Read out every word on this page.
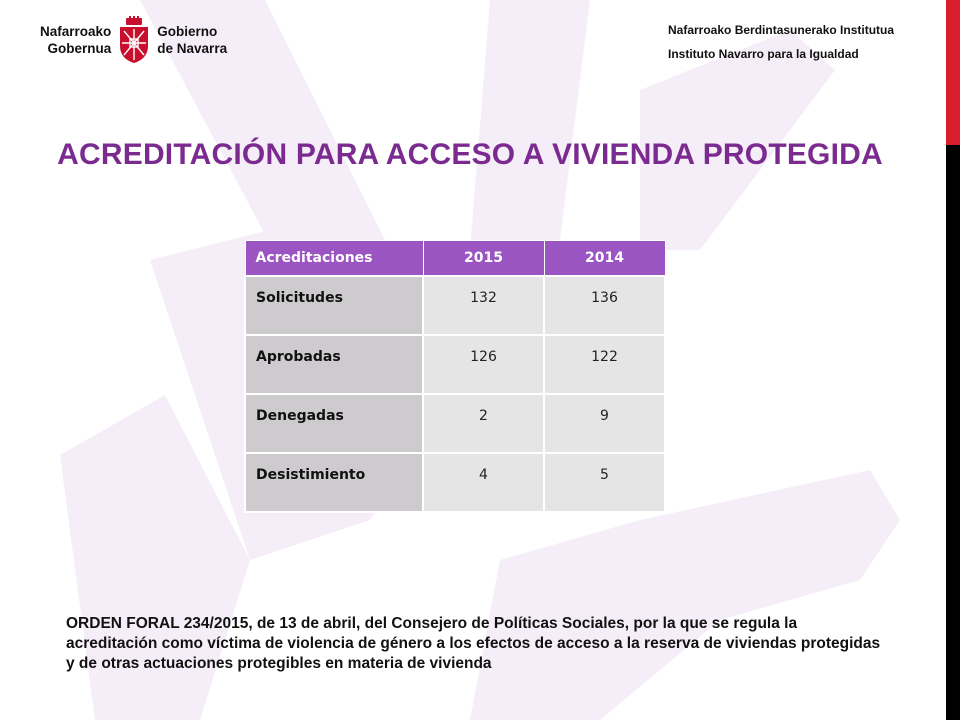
Nafarroako
Gobernua
Gobierno
de Navarra
Nafarroako Berdintasunerako Institutua
Instituto Navarro para la Igualdad
ACREDITACIÓN PARA ACCESO A VIVIENDA PROTEGIDA
Acreditaciones	2015	2014
Solicitudes	132	136
Aprobadas	126	122
Denegadas	2	9
Desistimiento	4	5
ORDEN FORAL 234/2015, de 13 de abril, del Consejero de Políticas Sociales, por la que se regula la acreditación como víctima de violencia de género a los efectos de acceso a la reserva de viviendas protegidas y de otras actuaciones protegibles en materia de vivienda
